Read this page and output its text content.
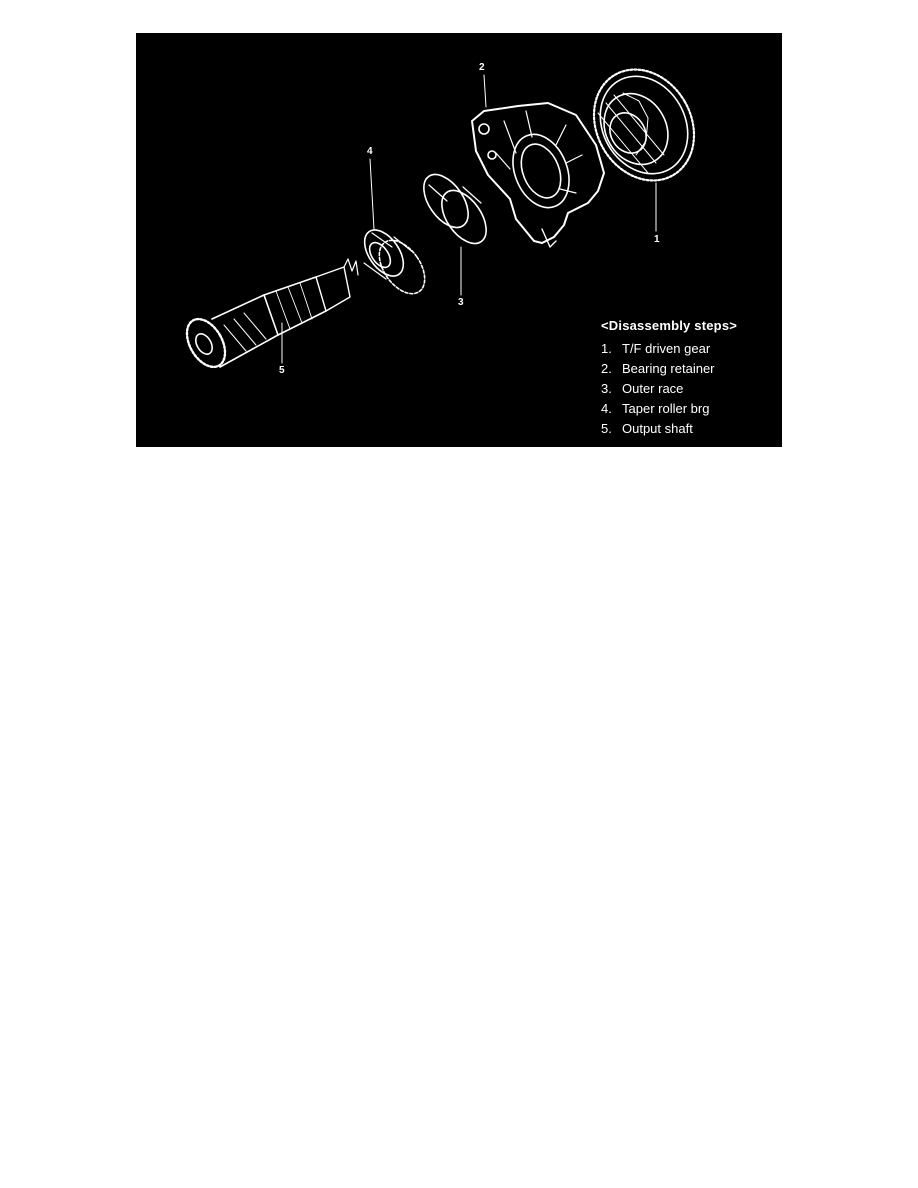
2
1
3
4
5
<Disassembly steps>
1. T/F driven gear
2. Bearing retainer
3. Outer race
4. Taper roller brg
5. Output shaft
